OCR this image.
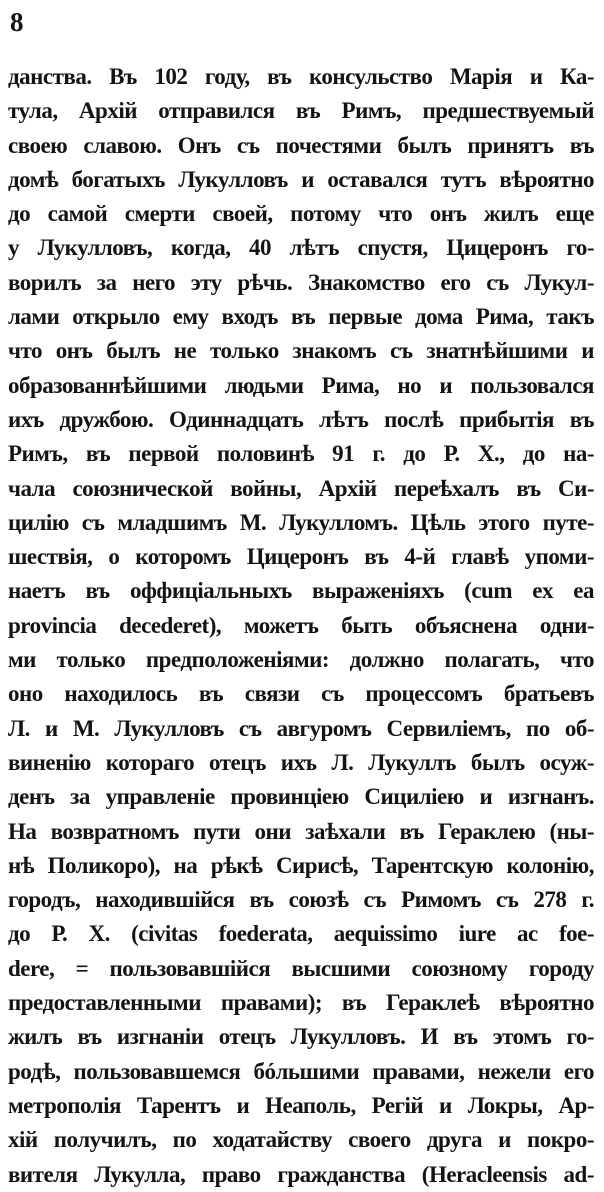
8
данства. Въ 102 году, въ консульство Марія и Ка-
тула, Архій отправился въ Римъ, предшествуемый
своею славою. Онъ съ почестями былъ принятъ въ
домѣ богатыхъ Лукулловъ и оставался тутъ вѣроятно
до самой смерти своей, потому что онъ жилъ еще
у Лукулловъ, когда, 40 лѣтъ спустя, Цицеронъ го-
ворилъ за него эту рѣчь. Знакомство его съ Лукул-
лами открыло ему входъ въ первые дома Рима, такъ
что онъ былъ не только знакомъ съ знатнѣйшими и
образованнѣйшими людьми Рима, но и пользовался
ихъ дружбою. Одиннадцать лѣтъ послѣ прибытія въ
Римъ, въ первой половинѣ 91 г. до Р. Х., до на-
чала союзнической войны, Архій переѣхалъ въ Си-
цилію съ младшимъ М. Лукулломъ. Цѣль этого путе-
шествія, о которомъ Цицеронъ въ 4-й главѣ упоми-
наетъ въ оффиціальныхъ выраженіяхъ (cum ex ea
provincia decederet), можетъ быть объяснена одни-
ми только предположеніями: должно полагать, что
оно находилось въ связи съ процессомъ братьевъ
Л. и М. Лукулловъ съ авгуромъ Сервиліемъ, по об-
виненію котораго отецъ ихъ Л. Лукуллъ былъ осуж-
денъ за управленіе провинціею Сициліею и изгнанъ.
На возвратномъ пути они заѣхали въ Гераклею (ны-
нѣ Поликоро), на рѣкѣ Сирисѣ, Тарентскую колонію,
городъ, находившійся въ союзѣ съ Римомъ съ 278 г.
до Р. Х. (civitas foederata, aequissimo iure ac foe-
dere, = пользовавшійся высшими союзному городу
предоставленными правами); въ Гераклеѣ вѣроятно
жилъ въ изгнаніи отецъ Лукулловъ. И въ этомъ го-
родѣ, пользовавшемся бóльшими правами, нежели его
метрополія Тарентъ и Неаполь, Регій и Локры, Ар-
хій получилъ, по ходатайству своего друга и покро-
вителя Лукулла, право гражданства (Heracleensis ad-
